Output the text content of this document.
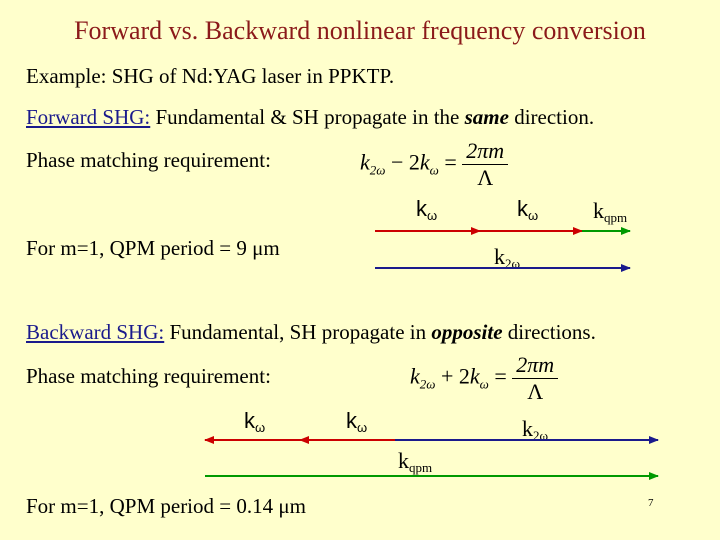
Forward vs. Backward nonlinear frequency conversion
Example: SHG of Nd:YAG laser in PPKTP.
Forward SHG: Fundamental & SH propagate in the same direction.
Phase matching requirement:	$k_{2\omega} - 2k_\omega = \frac{2\pi m}{\Lambda}$
$k_\omega$	$k_\omega$ $k_{qpm}$
For m=1, QPM period = 9 μm	$k_{2\omega}$
Backward SHG: Fundamental, SH propagate in opposite directions.
Phase matching requirement:	$k_{2\omega} + 2k_\omega = \frac{2\pi m}{\Lambda}$
$k_\omega$	$k_\omega$	$k_{2\omega}$
$k_{qpm}$
For m=1, QPM period = 0.14 μm	7
